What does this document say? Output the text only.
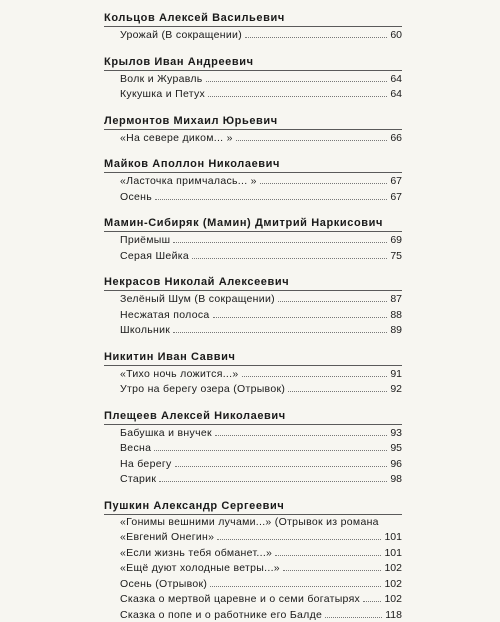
Кольцов Алексей Васильевич
Урожай (В сокращении)	60
Крылов Иван Андреевич
Волк и Журавль	64
Кукушка и Петух	64
Лермонтов Михаил Юрьевич
«На севере диком... »	66
Майков Аполлон Николаевич
«Ласточка примчалась... »	67
Осень	67
Мамин-Сибиряк (Мамин) Дмитрий Наркисович
Приёмыш	69
Серая Шейка	75
Некрасов Николай Алексеевич
Зелёный Шум (В сокращении)	87
Несжатая полоса	88
Школьник	89
Никитин Иван Саввич
«Тихо ночь ложится...»	91
Утро на берегу озера (Отрывок)	92
Плещеев Алексей Николаевич
Бабушка и внучек	93
Весна	95
На берегу	96
Старик	98
Пушкин Александр Сергеевич
«Гонимы вешними лучами...» (Отрывок из романа
«Евгений Онегин»	101
«Если жизнь тебя обманет...»	101
«Ещё дуют холодные ветры...»	102
Осень (Отрывок)	102
Сказка о мертвой царевне и о семи богатырях 102
Сказка о попе и о работнике его Балде	118
